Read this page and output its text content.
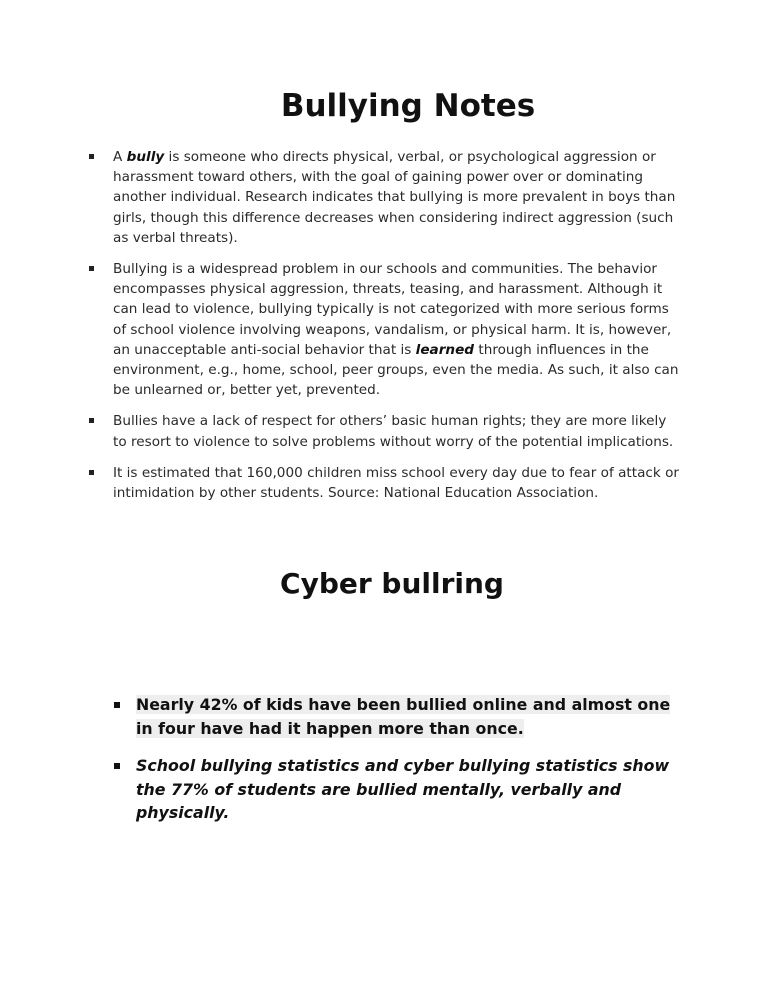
Bullying Notes
A bully is someone who directs physical, verbal, or psychological aggression or harassment toward others, with the goal of gaining power over or dominating another individual. Research indicates that bullying is more prevalent in boys than girls, though this difference decreases when considering indirect aggression (such as verbal threats).
Bullying is a widespread problem in our schools and communities. The behavior encompasses physical aggression, threats, teasing, and harassment. Although it can lead to violence, bullying typically is not categorized with more serious forms of school violence involving weapons, vandalism, or physical harm. It is, however, an unacceptable anti-social behavior that is learned through influences in the environment, e.g., home, school, peer groups, even the media. As such, it also can be unlearned or, better yet, prevented.
Bullies have a lack of respect for others’ basic human rights; they are more likely to resort to violence to solve problems without worry of the potential implications.
It is estimated that 160,000 children miss school every day due to fear of attack or intimidation by other students. Source: National Education Association.
Cyber bullring
Nearly 42% of kids have been bullied online and almost one in four have had it happen more than once.
School bullying statistics and cyber bullying statistics show the 77% of students are bullied mentally, verbally and physically.
